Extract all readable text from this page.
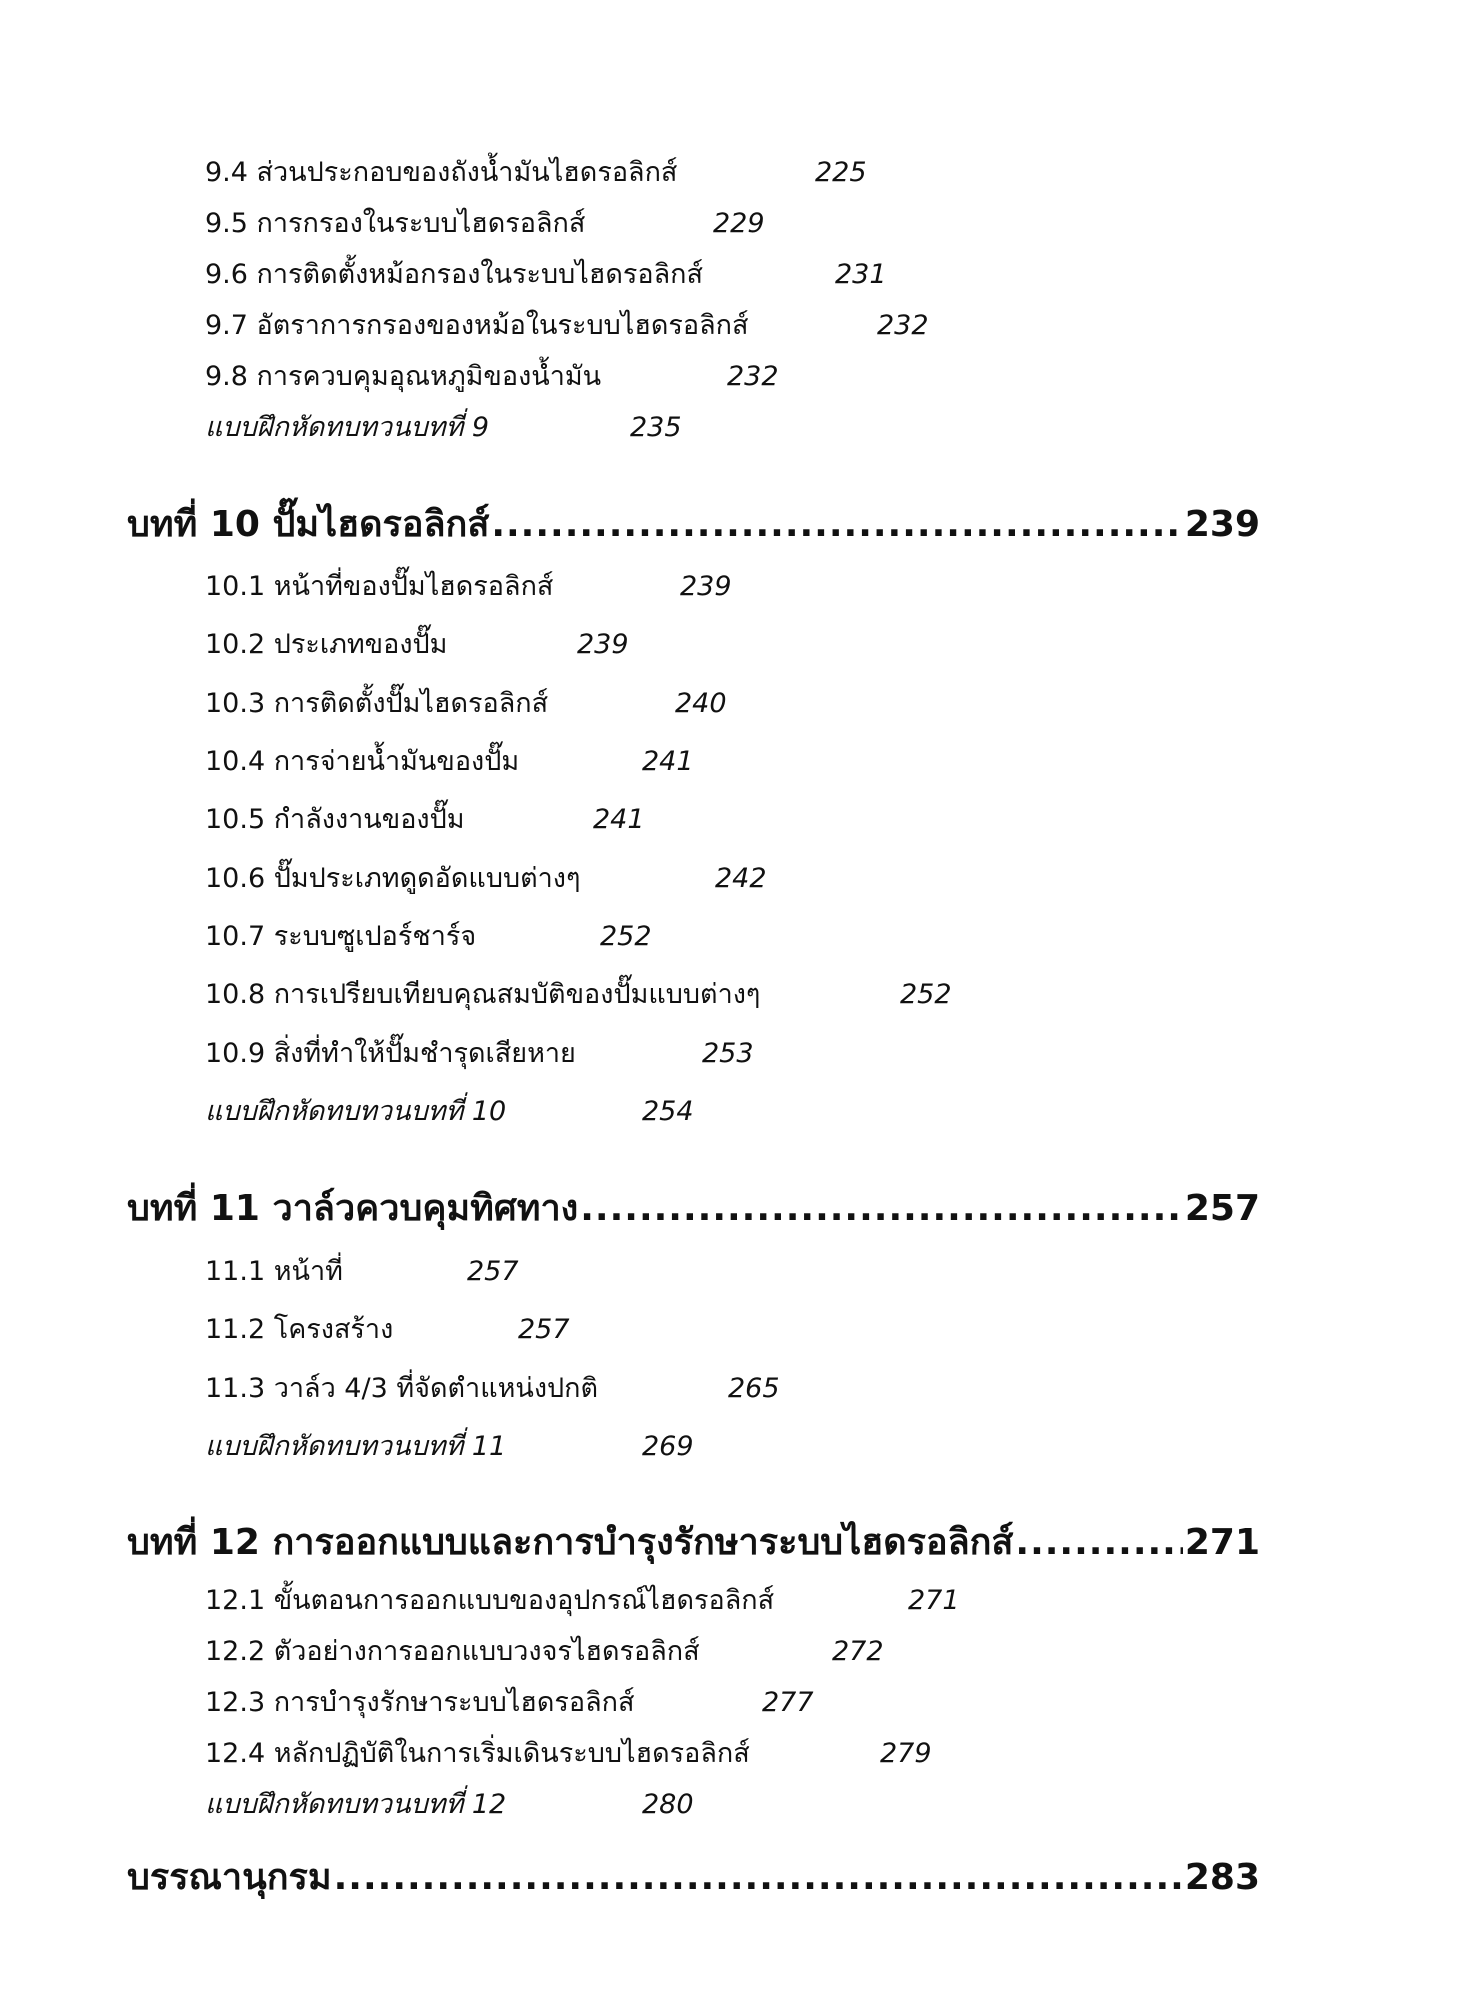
9.4 ส่วนประกอบของถังน้ำมันไฮดรอลิกส์	225
9.5 การกรองในระบบไฮดรอลิกส์	229
9.6 การติดตั้งหม้อกรองในระบบไฮดรอลิกส์	231
9.7 อัตราการกรองของหม้อในระบบไฮดรอลิกส์	232
9.8 การควบคุมอุณหภูมิของน้ำมัน	232
แบบฝึกหัดทบทวนบทที่ 9	235
บทที่ 10 ปั๊มไฮดรอลิกส์ .....	239
10.1 หน้าที่ของปั๊มไฮดรอลิกส์	239
10.2 ประเภทของปั๊ม	239
10.3 การติดตั้งปั๊มไฮดรอลิกส์	240
10.4 การจ่ายน้ำมันของปั๊ม	241
10.5 กำลังงานของปั๊ม	241
10.6 ปั๊มประเภทดูดอัดแบบต่างๆ	242
10.7 ระบบซูเปอร์ชาร์จ	252
10.8 การเปรียบเทียบคุณสมบัติของปั๊มแบบต่างๆ	252
10.9 สิ่งที่ทำให้ปั๊มชำรุดเสียหาย	253
แบบฝึกหัดทบทวนบทที่ 10	254
บทที่ 11 วาล์วควบคุมทิศทาง .....	257
11.1 หน้าที่	257
11.2 โครงสร้าง	257
11.3 วาล์ว 4/3 ที่จัดตำแหน่งปกติ	265
แบบฝึกหัดทบทวนบทที่ 11	269
บทที่ 12 การออกแบบและการบำรุงรักษาระบบไฮดรอลิกส์ .....	271
12.1 ขั้นตอนการออกแบบของอุปกรณ์ไฮดรอลิกส์	271
12.2 ตัวอย่างการออกแบบวงจรไฮดรอลิกส์	272
12.3 การบำรุงรักษาระบบไฮดรอลิกส์	277
12.4 หลักปฏิบัติในการเริ่มเดินระบบไฮดรอลิกส์	279
แบบฝึกหัดทบทวนบทที่ 12	280
บรรณานุกรม .....	283
